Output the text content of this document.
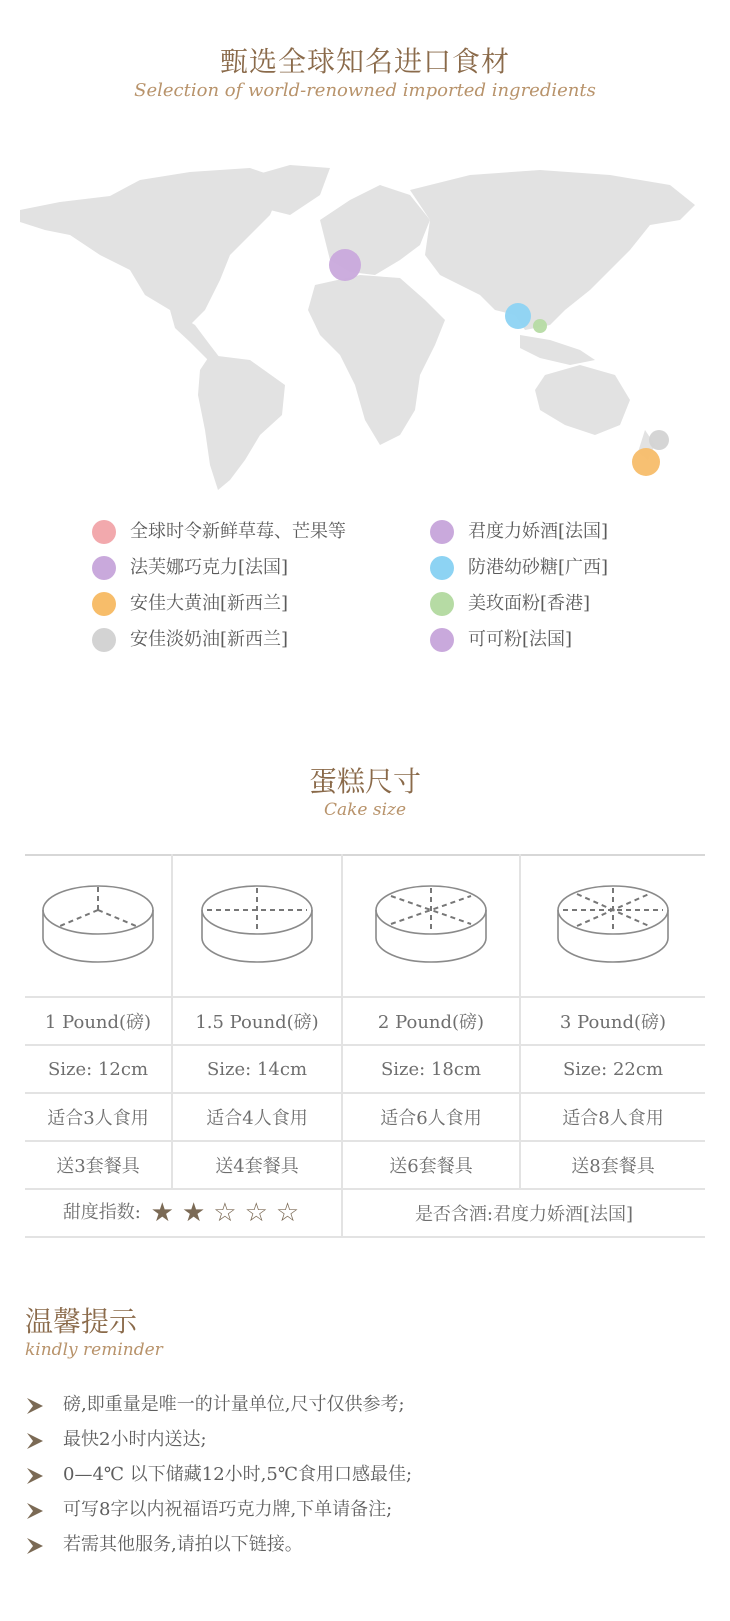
甄选全球知名进口食材
Selection of world-renowned imported ingredients
全球时令新鲜草莓、芒果等	君度力娇酒[法国]
法芙娜巧克力[法国]	防港幼砂糖[广西]
安佳大黄油[新西兰]	美玫面粉[香港]
安佳淡奶油[新西兰]	可可粉[法国]
蛋糕尺寸
Cake size

1 Pound(磅)	1.5 Pound(磅)	2 Pound(磅)	3 Pound(磅)
Size: 12cm	Size: 14cm	Size: 18cm	Size: 22cm
适合3人食用	适合4人食用	适合6人食用	适合8人食用
送3套餐具	送4套餐具	送6套餐具	送8套餐具
甜度指数: ★ ★ ☆ ☆ ☆		是否含酒:君度力娇酒[法国]	
温馨提示
kindly reminder
磅,即重量是唯一的计量单位,尺寸仅供参考;
最快2小时内送达;
0—4℃ 以下储藏12小时,5℃食用口感最佳;
可写8字以内祝福语巧克力牌,下单请备注;
若需其他服务,请拍以下链接。
